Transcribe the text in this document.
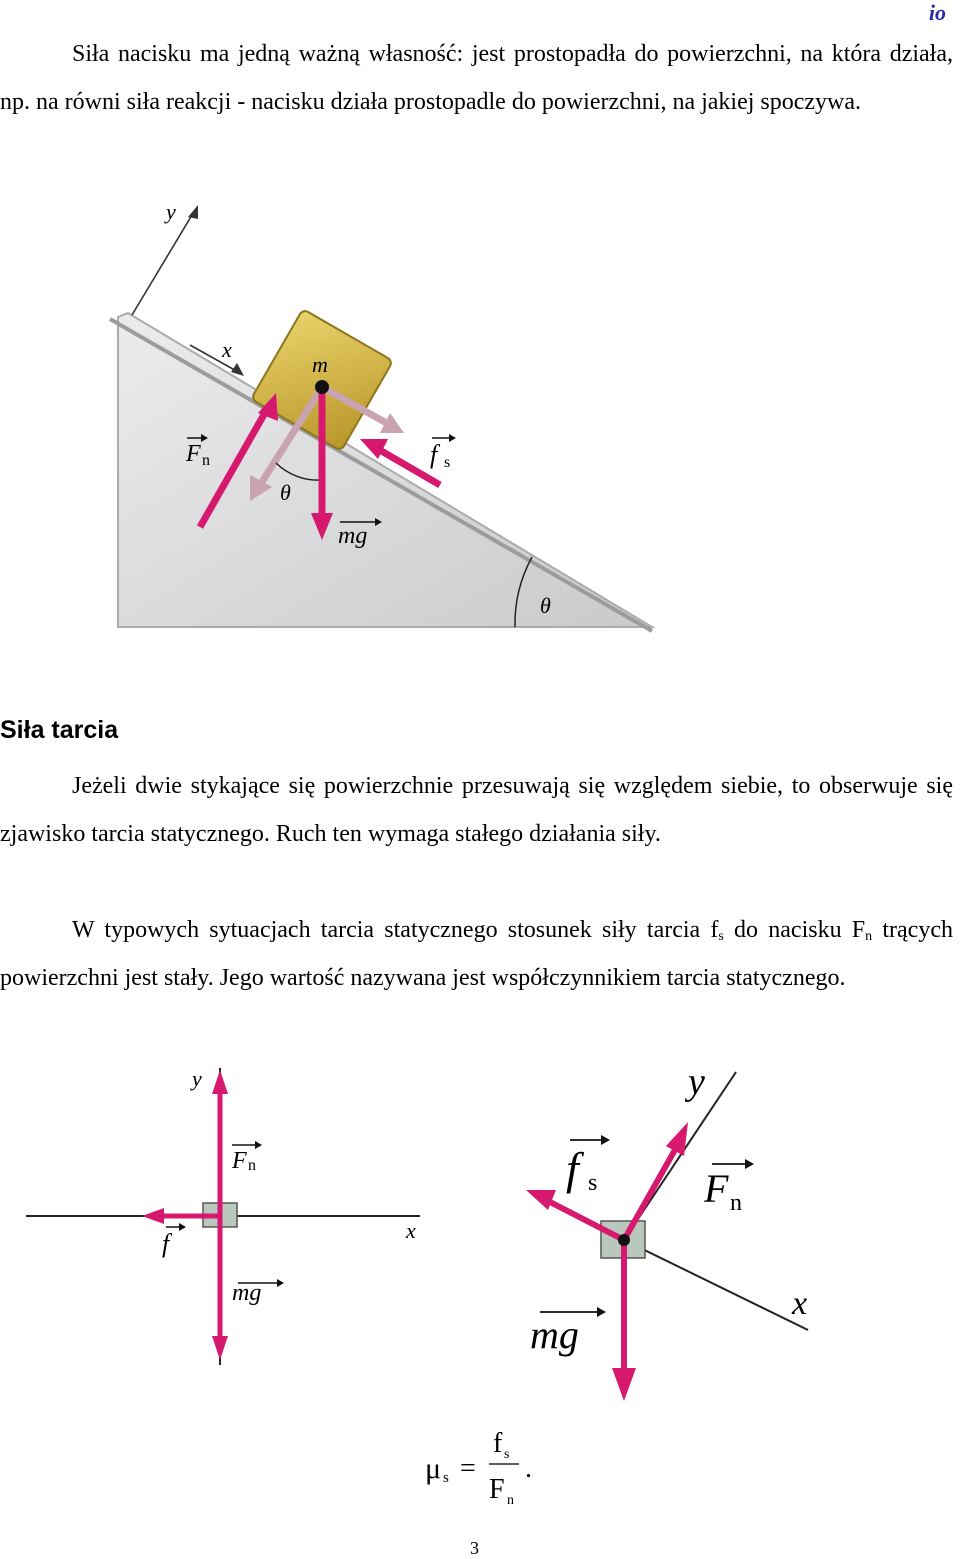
io
Siła nacisku ma jedną ważną własność: jest prostopadła do powierzchni, na która działa, np. na równi siła reakcji - nacisku działa prostopadle do powierzchni, na jakiej spoczywa.
θ
y
x
m
θ
F n	f s
mg
Siła tarcia
Jeżeli dwie stykające się powierzchnie przesuwają się względem siebie, to obserwuje się zjawisko tarcia statycznego. Ruch ten wymaga stałego działania siły.
W typowych sytuacjach tarcia statycznego stosunek siły tarcia $f_s$ do nacisku $F_n$ trących powierzchni jest stały. Jego wartość nazywana jest współczynnikiem tarcia statycznego.
x
y
F n
f
mg	x
y
f s	F n
mg
μ s =
f s
F n
.
3
